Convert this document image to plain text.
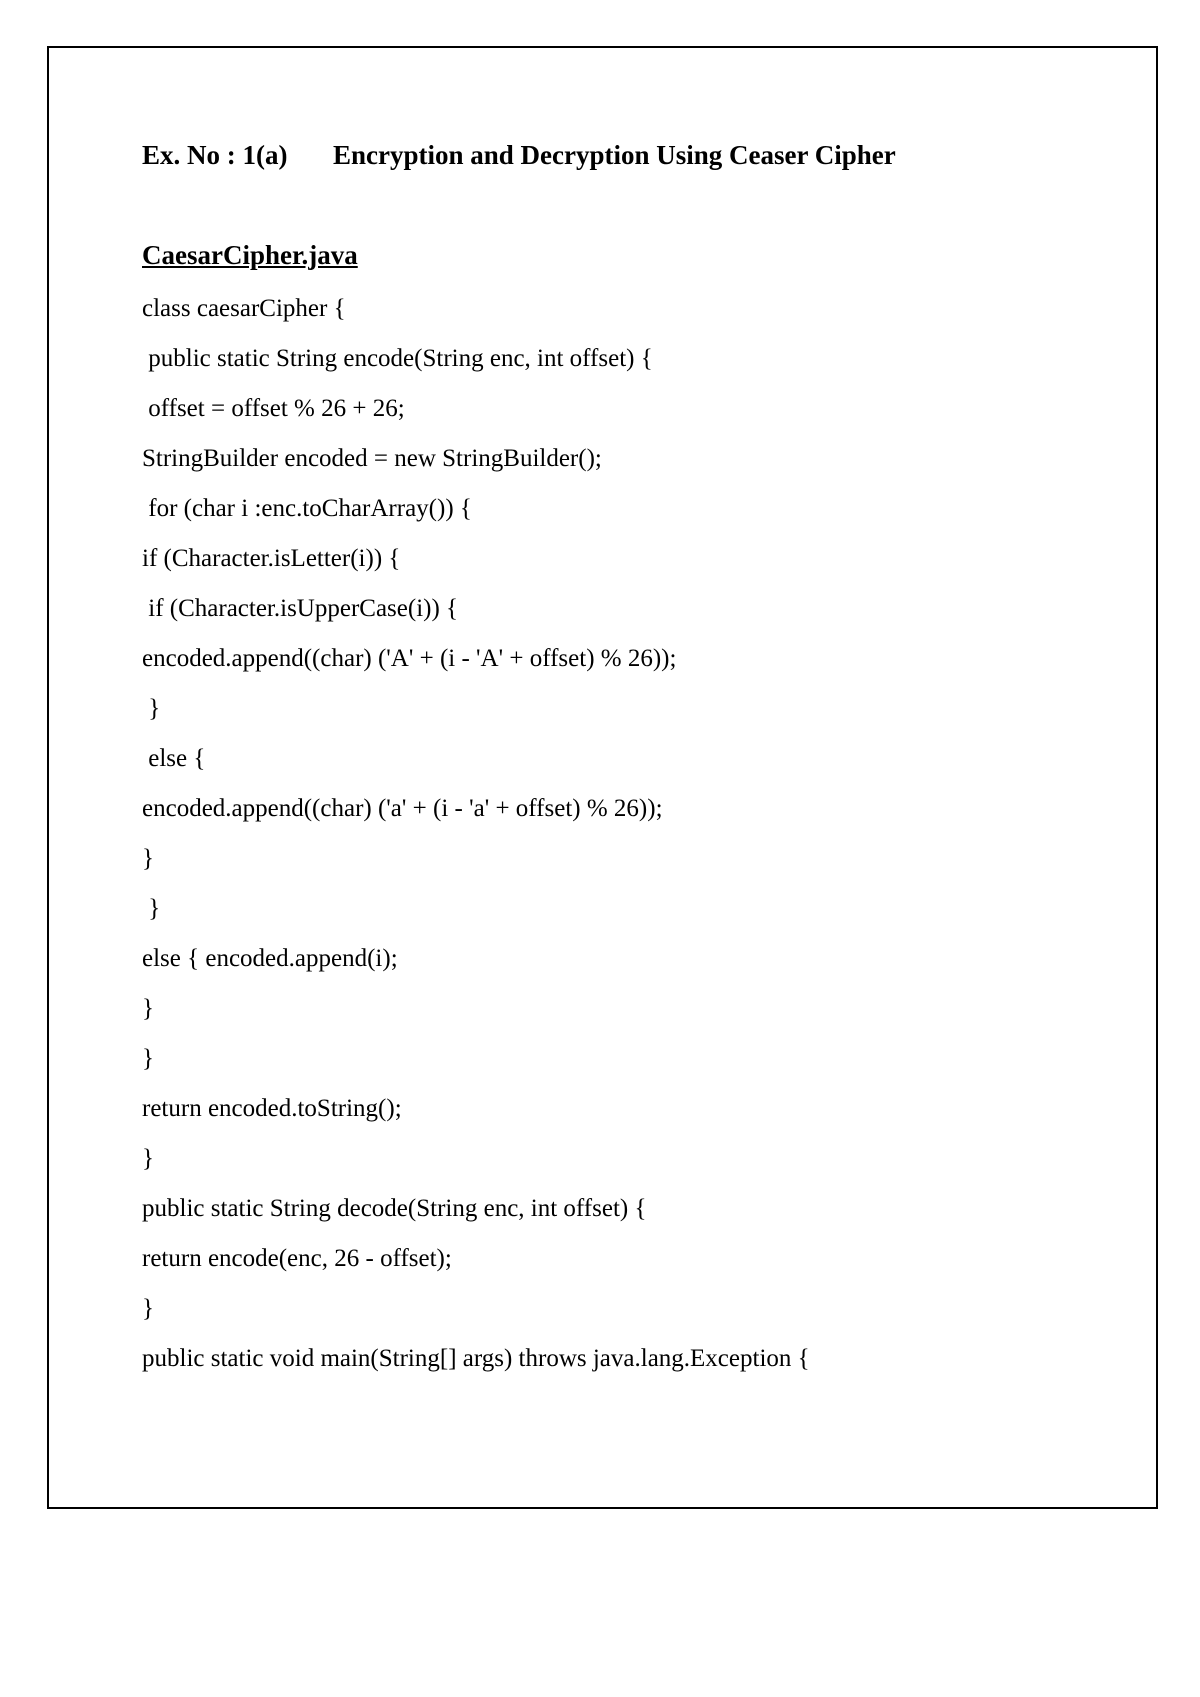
Ex. No : 1(a) Encryption and Decryption Using Ceaser Cipher
CaesarCipher.java
class caesarCipher {
public static String encode(String enc, int offset) {
offset = offset % 26 + 26;
StringBuilder encoded = new StringBuilder();
for (char i :enc.toCharArray()) {
if (Character.isLetter(i)) {
if (Character.isUpperCase(i)) {
encoded.append((char) ('A' + (i - 'A' + offset) % 26));
}
else {
encoded.append((char) ('a' + (i - 'a' + offset) % 26));
}
}
else { encoded.append(i);
}
}
return encoded.toString();
}
public static String decode(String enc, int offset) {
return encode(enc, 26 - offset);
}
public static void main(String[] args) throws java.lang.Exception {
